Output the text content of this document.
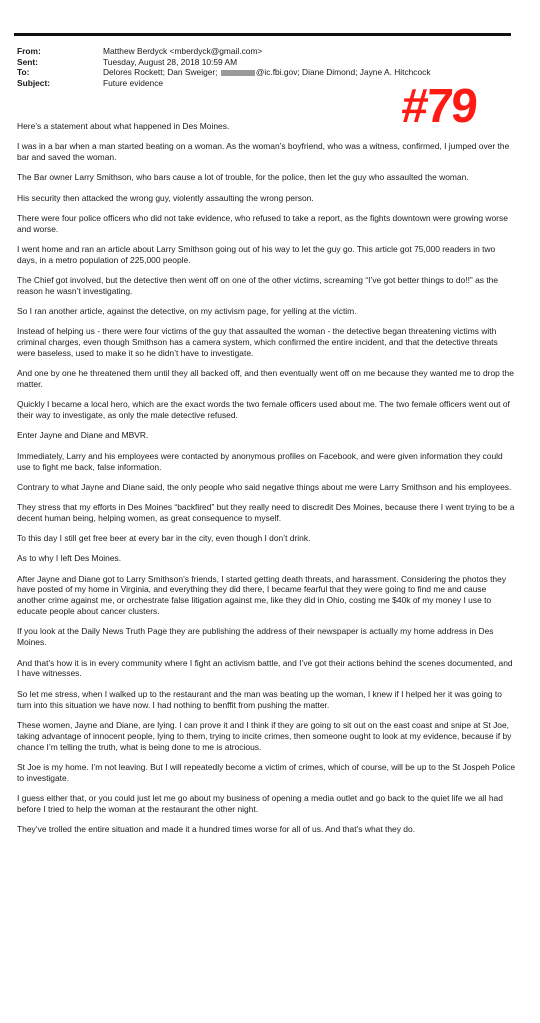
From:	Matthew Berdyck <mberdyck@gmail.com>
Sent:	Tuesday, August 28, 2018 10:59 AM
To:	Delores Rockett; Dan Sweiger;	@ic.fbi.gov; Diane Dimond; Jayne A. Hitchcock
Subject:	Future evidence	#79

Here’s a statement about what happened in Des Moines.

I was in a bar when a man started beating on a woman. As the woman’s boyfriend, who was a witness, confirmed, I jumped over the bar and saved the woman.

The Bar owner Larry Smithson, who bars cause a lot of trouble, for the police, then let the guy who assaulted the woman.

His security then attacked the wrong guy, violently assaulting the wrong person.

There were four police officers who did not take evidence, who refused to take a report, as the fights downtown were growing worse and worse.

I went home and ran an article about Larry Smithson going out of his way to let the guy go. This article got 75,000 readers in two days, in a metro population of 225,000 people.

The Chief got involved, but the detective then went off on one of the other victims, screaming “I’ve got better things to do!!” as the reason he wasn’t investigating.

So I ran another article, against the detective, on my activism page, for yelling at the victim.

Instead of helping us - there were four victims of the guy that assaulted the woman - the detective began threatening victims with criminal charges, even though Smithson has a camera system, which confirmed the entire incident, and that the detective threats were baseless, used to make it so he didn’t have to investigate.

And one by one he threatened them until they all backed off, and then eventually went off on me because they wanted me to drop the matter.

Quickly I became a local hero, which are the exact words the two female officers used about me. The two female officers went out of their way to investigate, as only the male detective refused.

Enter Jayne and Diane and MBVR.

Immediately, Larry and his employees were contacted by anonymous profiles on Facebook, and were given information they could use to fight me back, false information.

Contrary to what Jayne and Diane said, the only people who said negative things about me were Larry Smithson and his employees.

They stress that my efforts in Des Moines “backfired” but they really need to discredit Des Moines, because there I went trying to be a decent human being, helping women, as great consequence to myself.

To this day I still get free beer at every bar in the city, even though I don’t drink.

As to why I left Des Moines.

After Jayne and Diane got to Larry Smithson’s friends, I started getting death threats, and harassment. Considering the photos they have posted of my home in Virginia, and everything they did there, I became fearful that they were going to find me and cause another crime against me, or orchestrate false litigation against me, like they did in Ohio, costing me $40k of my money I use to educate people about cancer clusters.

If you look at the Daily News Truth Page they are publishing the address of their newspaper is actually my home address in Des Moines.

And that’s how it is in every community where I fight an activism battle, and I’ve got their actions behind the scenes documented, and I have witnesses.

So let me stress, when I walked up to the restaurant and the man was beating up the woman, I knew if I helped her it was going to turn into this situation we have now. I had nothing to benffit from pushing the matter.

These women, Jayne and Diane, are lying. I can prove it and I think if they are going to sit out on the east coast and snipe at St Joe, taking advantage of innocent people, lying to them, trying to incite crimes, then someone ought to look at my evidence, because if by chance I’m telling the truth, what is being done to me is atrocious.

St Joe is my home. I’m not leaving. But I will repeatedly become a victim of crimes, which of course, will be up to the St Jospeh Police to investigate.

I guess either that, or you could just let me go about my business of opening a media outlet and go back to the quiet life we all had before I tried to help the woman at the restaurant the other night.

They’ve trolled the entire situation and made it a hundred times worse for all of us. And that’s what they do.
